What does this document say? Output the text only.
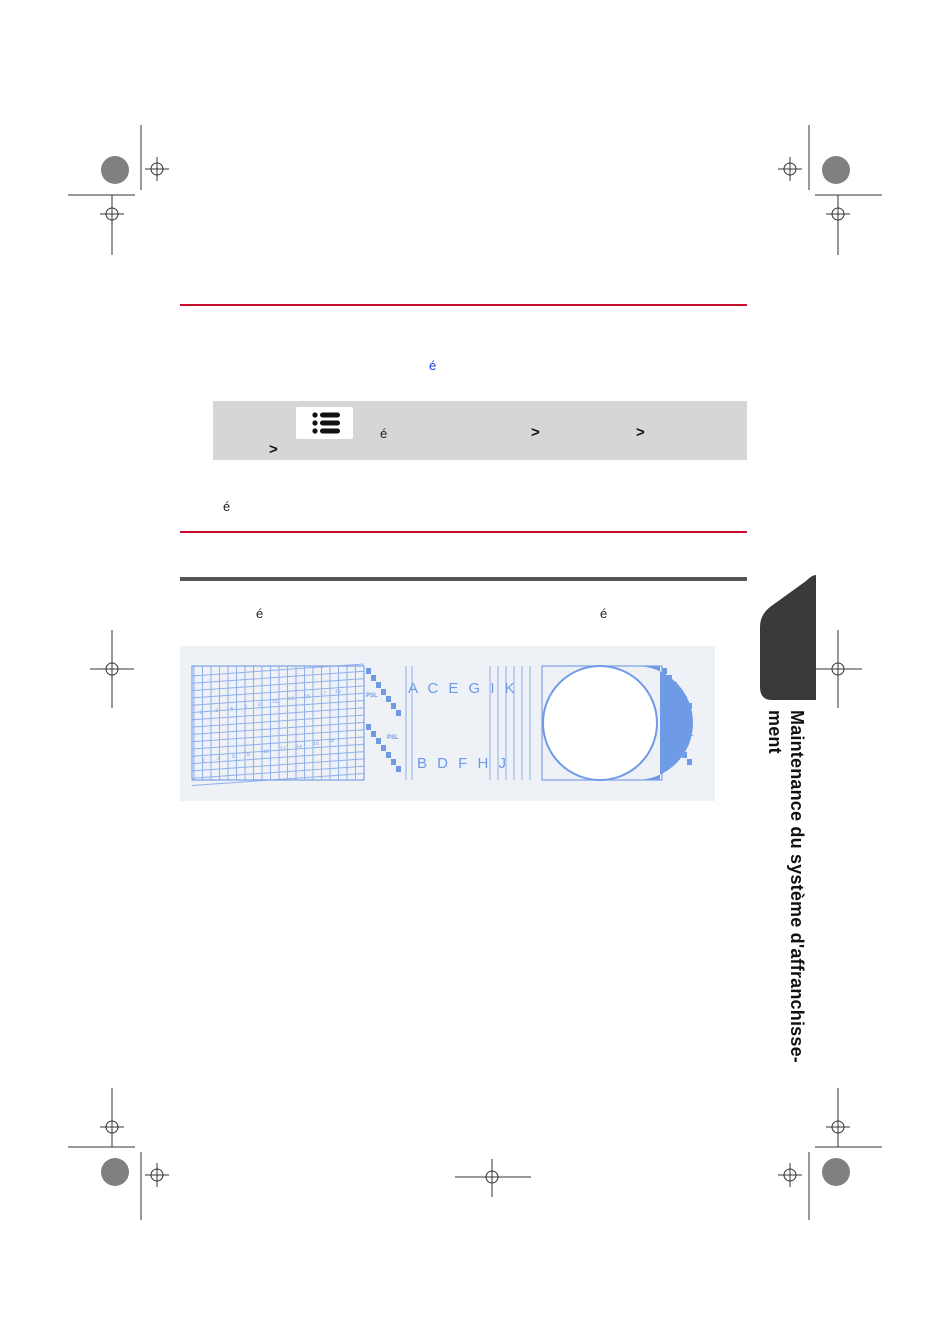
é
é	>	>
>
é
é	é
Maintenance du système d'affranchisse-
ment
2 3 4 6 8 11 13 15 17 19
2 3 5 8	10 12 14 16 18
PSL
PSL
A C E G I K
B D F H J
PSL
PSL
